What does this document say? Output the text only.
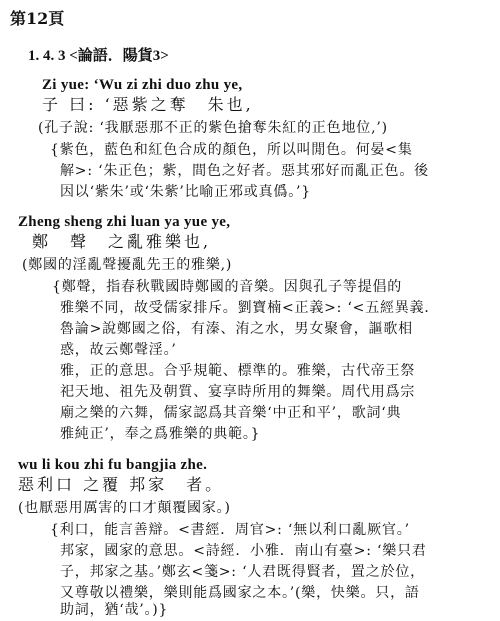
第12頁
1. 4. 3 <論語．陽貨3>
Zi yue: ‘Wu zi zhi duo zhu ye,
子 曰: ‘惡紫之奪　朱也,
(孔子說: ‘我厭惡那不正的紫色搶奪朱紅的正色地位,’)
{紫色，藍色和紅色合成的顏色，所以叫閒色。何晏<集
解>: ‘朱正色；紫，間色之好者。惡其邪好而亂正色。後
因以‘紫朱’或‘朱紫’比喻正邪或真僞。’}
Zheng sheng zhi luan ya yue ye,
鄭　聲　之亂雅樂也,
(鄭國的淫亂聲擾亂先王的雅樂,)
{鄭聲，指春秋戰國時鄭國的音樂。因與孔子等提倡的
雅樂不同，故受儒家排斥。劉寶楠<正義>: ‘<五經異義．
魯論>說鄭國之俗，有溱、洧之水，男女聚會，謳歌相
惑，故云鄭聲淫。’
雅，正的意思。合乎規範、標準的。雅樂，古代帝王祭
祀天地、祖先及朝質、宴享時所用的舞樂。周代用爲宗
廟之樂的六舞，儒家認爲其音樂‘中正和平’，歌詞‘典
雅純正’，奉之爲雅樂的典範。}
wu li kou zhi fu bangjia zhe.
惡利口 之覆 邦家　者。
(也厭惡用厲害的口才顛覆國家。)
{利口，能言善辯。<書經．周官>: ‘無以利口亂厥官。’
邦家，國家的意思。<詩經．小雅．南山有臺>: ‘樂只君
子，邦家之基。’鄭玄<箋>: ‘人君既得賢者，置之於位，
又尊敬以禮樂，樂則能爲國家之本。’(樂，快樂。只，語
助詞，猶‘哉’。)}
